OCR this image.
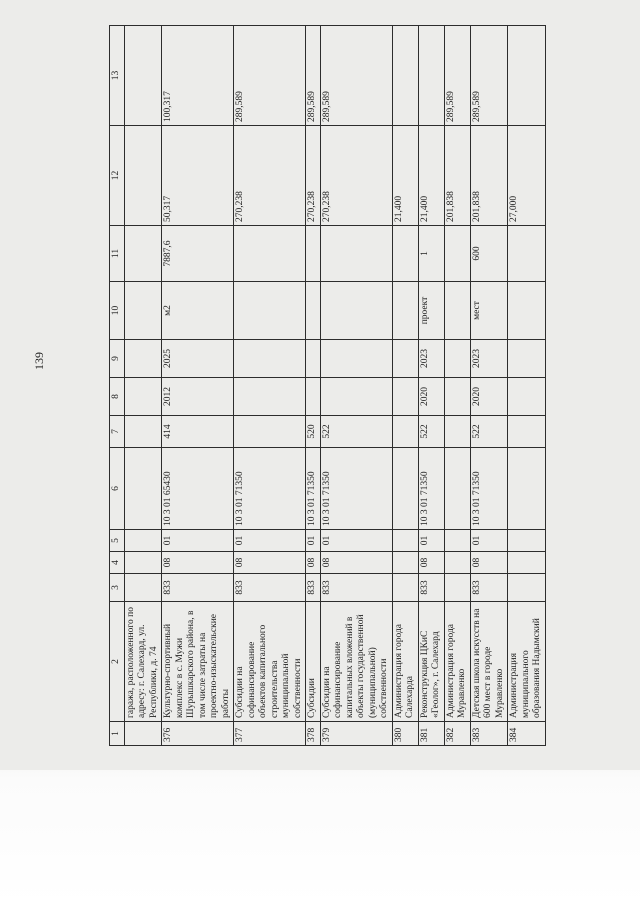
139
1	2	3	4	5	6	7	8	9	10	11	12	13
	гаража, расположенного по адресу: г. Салехард, ул. Республики, д. 74											
376	Культурно-спортивный комплекс в с. Мужи Шурышкарского района, в том числе затраты на проектно-изыскательские работы	833	08	01	10 3 01 65430	414	2012	2025	м2	7887,6	50,317	100,317
377	Субсидии на софинансирование объектов капитального строительства муниципальной собственности	833	08	01	10 3 01 71350						270,238	289,589
378	Субсидии	833	08	01	10 3 01 71350	520					270,238	289,589
379	Субсидии на софинансирование капитальных вложений в объекты государственной (муниципальной) собственности	833	08	01	10 3 01 71350	522					270,238	289,589
380	Администрация города Салехарда										21,400	
381	Реконструкция ЦКиС «Геолог», г. Салехард	833	08	01	10 3 01 71350	522	2020	2023	проект	1	21,400	
382	Администрация города Муравленко										201,838	289,589
383	Детская школа искусств на 600 мест в городе Муравленко	833	08	01	10 3 01 71350	522	2020	2023	мест	600	201,838	289,589
384	Администрация муниципального образования Надымский										27,000	
